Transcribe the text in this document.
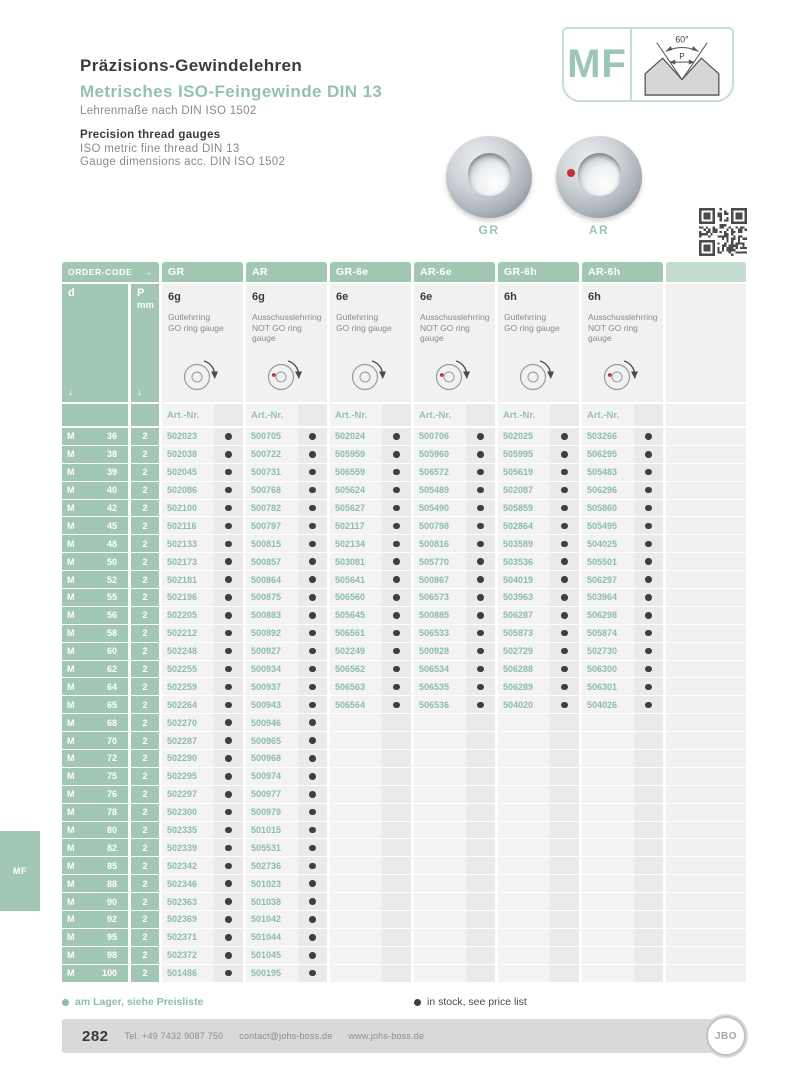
Präzisions-Gewindelehren
Metrisches ISO-Feingewinde DIN 13
Lehrenmaße nach DIN ISO 1502
Precision thread gauges
ISO metric fine thread DIN 13
Gauge dimensions acc. DIN ISO 1502
MF
60°
P
GR	AR
MF
ORDER-CODE →	GR	AR	GR-6e	AR-6e	GR-6h	AR-6h
d
↓
P
mm
↓
6g
Gutlehrring
GO ring gauge
6g
Ausschusslehrring
NOT GO ring gauge
6e
Gutlehrring
GO ring gauge
6e
Ausschusslehrring
NOT GO ring gauge
6h
Gutlehrring
GO ring gauge
6h
Ausschusslehrring
NOT GO ring gauge
Art.-Nr.	Art.-Nr.	Art.-Nr.	Art.-Nr.	Art.-Nr.	Art.-Nr.
M	36	2	502023	500705	502024	500706	502025	503266
M	38	2	502038	500722	505959	505960	505995	506295
M	39	2	502045	500731	506559	506572	505619	505483
M	40	2	502086	500768	505624	505489	502087	506296
M	42	2	502100	500782	505627	505490	505859	505860
M	45	2	502116	500797	502117	500798	502864	505495
M	48	2	502133	500815	502134	500816	503589	504025
M	50	2	502173	500857	503081	505770	503536	505501
M	52	2	502181	500864	505641	500867	504019	506297
M	55	2	502196	500875	506560	506573	503963	503964
M	56	2	502205	500883	505645	500885	506287	506298
M	58	2	502212	500892	506561	506533	505873	505874
M	60	2	502248	500927	502249	500928	502729	502730
M	62	2	502255	500934	506562	506534	506288	506300
M	64	2	502259	500937	506563	506535	506289	506301
M	65	2	502264	500943	506564	506536	504020	504026
M	68	2	502270	500946
M	70	2	502287	500965
M	72	2	502290	500968
M	75	2	502295	500974
M	76	2	502297	500977
M	78	2	502300	500979
M	80	2	502335	501015
M	82	2	502339	505531
M	85	2	502342	502736
M	88	2	502346	501023
M	90	2	502363	501038
M	92	2	502369	501042
M	95	2	502371	501044
M	98	2	502372	501045
M	100	2	501486	500195
am Lager, siehe Preisliste	in stock, see price list
282 Tel. +49 7432 9087 750 contact@johs-boss.de www.johs-boss.de	JBO
